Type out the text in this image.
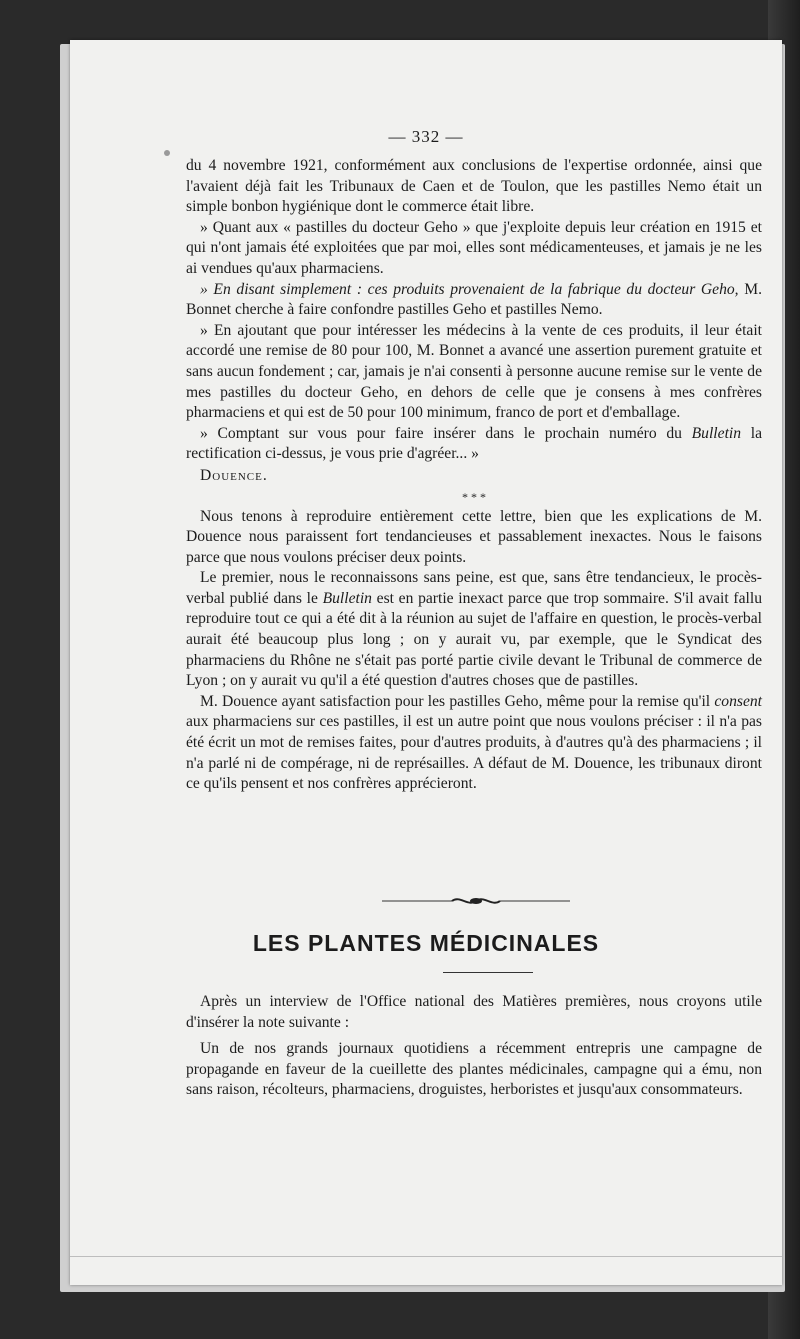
— 332 —

du 4 novembre 1921, conformément aux conclusions de l'expertise ordonnée, ainsi que l'avaient déjà fait les Tribunaux de Caen et de Toulon, que les pastilles Nemo était un simple bonbon hygiénique dont le commerce était libre.

» Quant aux « pastilles du docteur Geho » que j'exploite depuis leur création en 1915 et qui n'ont jamais été exploitées que par moi, elles sont médicamenteuses, et jamais je ne les ai vendues qu'aux pharmaciens.

» En disant simplement : ces produits provenaient de la fabrique du docteur Geho, M. Bonnet cherche à faire confondre pastilles Geho et pastilles Nemo.

» En ajoutant que pour intéresser les médecins à la vente de ces produits, il leur était accordé une remise de 80 pour 100, M. Bonnet a avancé une assertion purement gratuite et sans aucun fondement ; car, jamais je n'ai consenti à personne aucune remise sur le vente de mes pastilles du docteur Geho, en dehors de celle que je consens à mes confrères pharmaciens et qui est de 50 pour 100 minimum, franco de port et d'emballage.

» Comptant sur vous pour faire insérer dans le prochain numéro du Bulletin la rectification ci-dessus, je vous prie d'agréer... »

Douence.

* * *

Nous tenons à reproduire entièrement cette lettre, bien que les explications de M. Douence nous paraissent fort tendancieuses et passablement inexactes. Nous le faisons parce que nous voulons préciser deux points.

Le premier, nous le reconnaissons sans peine, est que, sans être tendancieux, le procès-verbal publié dans le Bulletin est en partie inexact parce que trop sommaire. S'il avait fallu reproduire tout ce qui a été dit à la réunion au sujet de l'affaire en question, le procès-verbal aurait été beaucoup plus long ; on y aurait vu, par exemple, que le Syndicat des pharmaciens du Rhône ne s'était pas porté partie civile devant le Tribunal de commerce de Lyon ; on y aurait vu qu'il a été question d'autres choses que de pastilles.

M. Douence ayant satisfaction pour les pastilles Geho, même pour la remise qu'il consent aux pharmaciens sur ces pastilles, il est un autre point que nous voulons préciser : il n'a pas été écrit un mot de remises faites, pour d'autres produits, à d'autres qu'à des pharmaciens ; il n'a parlé ni de compérage, ni de représailles. A défaut de M. Douence, les tribunaux diront ce qu'ils pensent et nos confrères apprécieront.

LES PLANTES MÉDICINALES

Après un interview de l'Office national des Matières premières, nous croyons utile d'insérer la note suivante :

Un de nos grands journaux quotidiens a récemment entrepris une campagne de propagande en faveur de la cueillette des plantes médicinales, campagne qui a ému, non sans raison, récolteurs, pharmaciens, droguistes, herboristes et jusqu'aux consommateurs.
